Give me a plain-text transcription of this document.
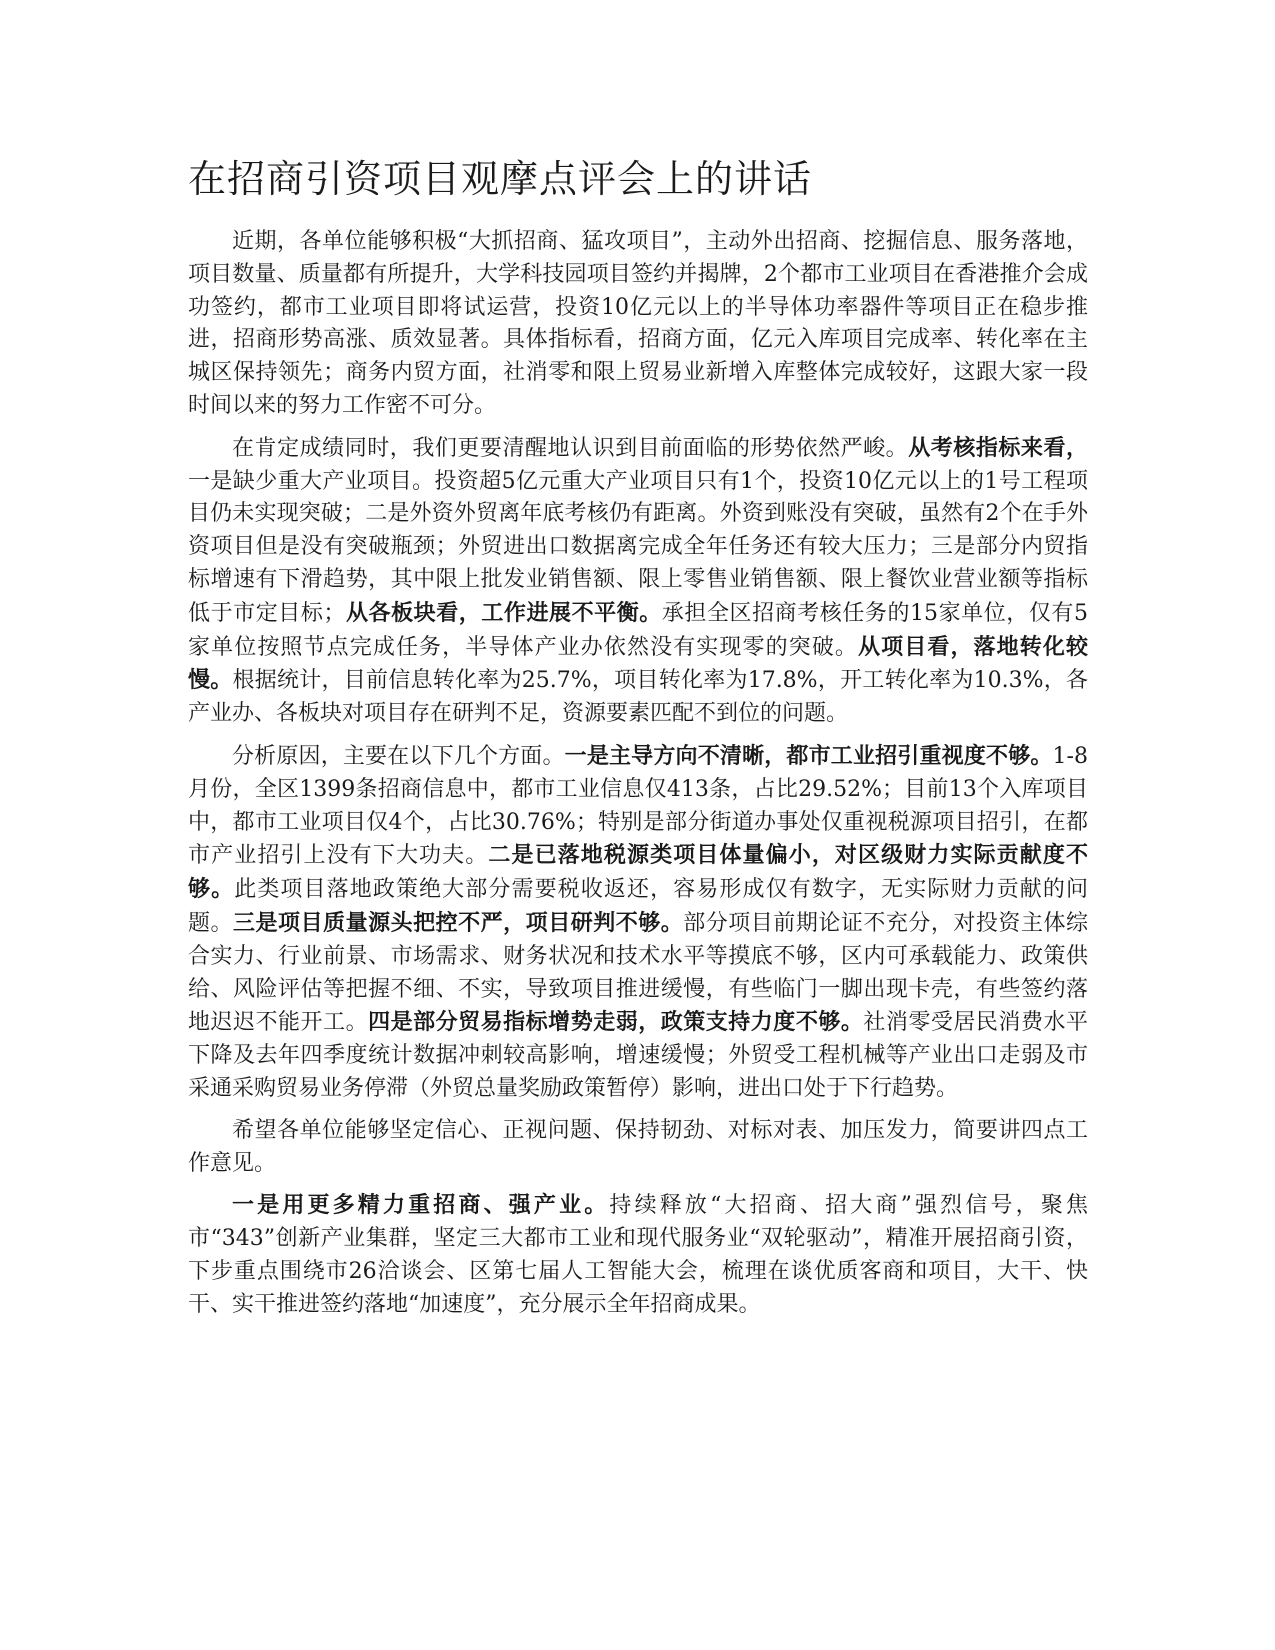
在招商引资项目观摩点评会上的讲话

近期，各单位能够积极“大抓招商、猛攻项目”，主动外出招商、挖掘信息、服务落地，项目数量、质量都有所提升，大学科技园项目签约并揭牌，2个都市工业项目在香港推介会成功签约，都市工业项目即将试运营，投资10亿元以上的半导体功率器件等项目正在稳步推进，招商形势高涨、质效显著。具体指标看，招商方面，亿元入库项目完成率、转化率在主城区保持领先；商务内贸方面，社消零和限上贸易业新增入库整体完成较好，这跟大家一段时间以来的努力工作密不可分。

在肯定成绩同时，我们更要清醒地认识到目前面临的形势依然严峻。从考核指标来看，一是缺少重大产业项目。投资超5亿元重大产业项目只有1个，投资10亿元以上的1号工程项目仍未实现突破；二是外资外贸离年底考核仍有距离。外资到账没有突破，虽然有2个在手外资项目但是没有突破瓶颈；外贸进出口数据离完成全年任务还有较大压力；三是部分内贸指标增速有下滑趋势，其中限上批发业销售额、限上零售业销售额、限上餐饮业营业额等指标低于市定目标；从各板块看，工作进展不平衡。承担全区招商考核任务的15家单位，仅有5家单位按照节点完成任务，半导体产业办依然没有实现零的突破。从项目看，落地转化较慢。根据统计，目前信息转化率为25.7%，项目转化率为17.8%，开工转化率为10.3%，各产业办、各板块对项目存在研判不足，资源要素匹配不到位的问题。

分析原因，主要在以下几个方面。一是主导方向不清晰，都市工业招引重视度不够。1-8月份，全区1399条招商信息中，都市工业信息仅413条，占比29.52%；目前13个入库项目中，都市工业项目仅4个，占比30.76%；特别是部分街道办事处仅重视税源项目招引，在都市产业招引上没有下大功夫。二是已落地税源类项目体量偏小，对区级财力实际贡献度不够。此类项目落地政策绝大部分需要税收返还，容易形成仅有数字，无实际财力贡献的问题。三是项目质量源头把控不严，项目研判不够。部分项目前期论证不充分，对投资主体综合实力、行业前景、市场需求、财务状况和技术水平等摸底不够，区内可承载能力、政策供给、风险评估等把握不细、不实，导致项目推进缓慢，有些临门一脚出现卡壳，有些签约落地迟迟不能开工。四是部分贸易指标增势走弱，政策支持力度不够。社消零受居民消费水平下降及去年四季度统计数据冲刺较高影响，增速缓慢；外贸受工程机械等产业出口走弱及市采通采购贸易业务停滞（外贸总量奖励政策暂停）影响，进出口处于下行趋势。

希望各单位能够坚定信心、正视问题、保持韧劲、对标对表、加压发力，简要讲四点工作意见。

一是用更多精力重招商、强产业。持续释放“大招商、招大商”强烈信号，聚焦市“343”创新产业集群，坚定三大都市工业和现代服务业“双轮驱动”，精准开展招商引资，下步重点围绕市26洽谈会、区第七届人工智能大会，梳理在谈优质客商和项目，大干、快干、实干推进签约落地“加速度”，充分展示全年招商成果。
